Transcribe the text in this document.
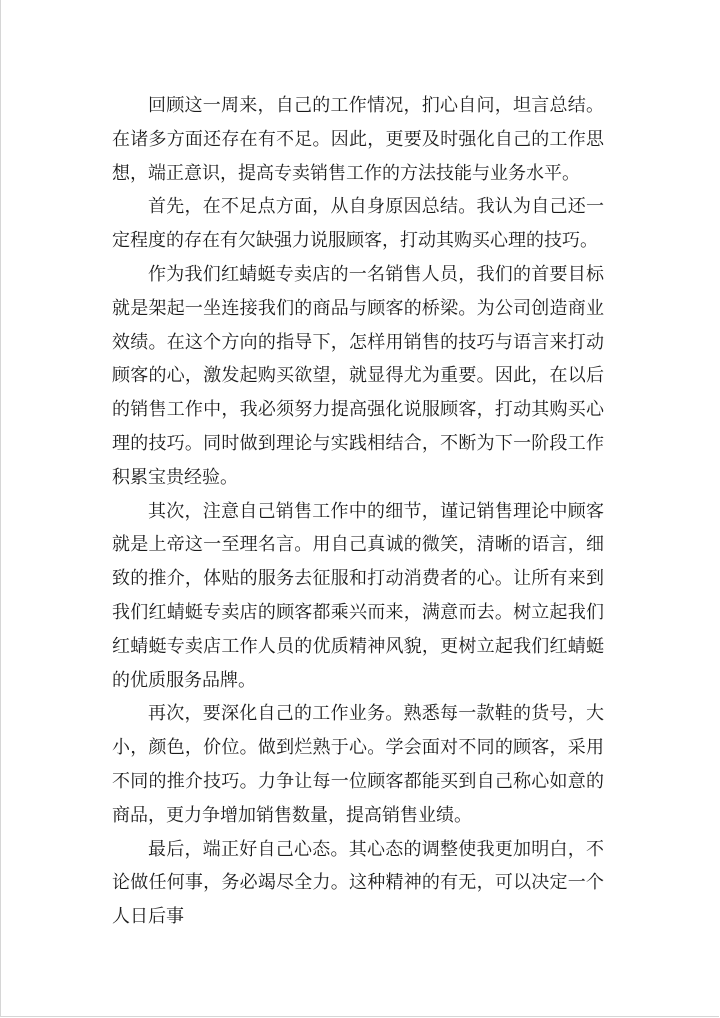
回顾这一周来，自己的工作情况，扪心自问，坦言总结。在诸多方面还存在有不足。因此，更要及时强化自己的工作思想，端正意识，提高专卖销售工作的方法技能与业务水平。

首先，在不足点方面，从自身原因总结。我认为自己还一定程度的存在有欠缺强力说服顾客，打动其购买心理的技巧。

作为我们红蜻蜓专卖店的一名销售人员，我们的首要目标就是架起一坐连接我们的商品与顾客的桥梁。为公司创造商业效绩。在这个方向的指导下，怎样用销售的技巧与语言来打动顾客的心，激发起购买欲望，就显得尤为重要。因此，在以后的销售工作中，我必须努力提高强化说服顾客，打动其购买心理的技巧。同时做到理论与实践相结合，不断为下一阶段工作积累宝贵经验。

其次，注意自己销售工作中的细节，谨记销售理论中顾客就是上帝这一至理名言。用自己真诚的微笑，清晰的语言，细致的推介，体贴的服务去征服和打动消费者的心。让所有来到我们红蜻蜓专卖店的顾客都乘兴而来，满意而去。树立起我们红蜻蜓专卖店工作人员的优质精神风貌，更树立起我们红蜻蜓的优质服务品牌。

再次，要深化自己的工作业务。熟悉每一款鞋的货号，大小，颜色，价位。做到烂熟于心。学会面对不同的顾客，采用不同的推介技巧。力争让每一位顾客都能买到自己称心如意的商品，更力争增加销售数量，提高销售业绩。

最后，端正好自己心态。其心态的调整使我更加明白，不论做任何事，务必竭尽全力。这种精神的有无，可以决定一个人日后事
